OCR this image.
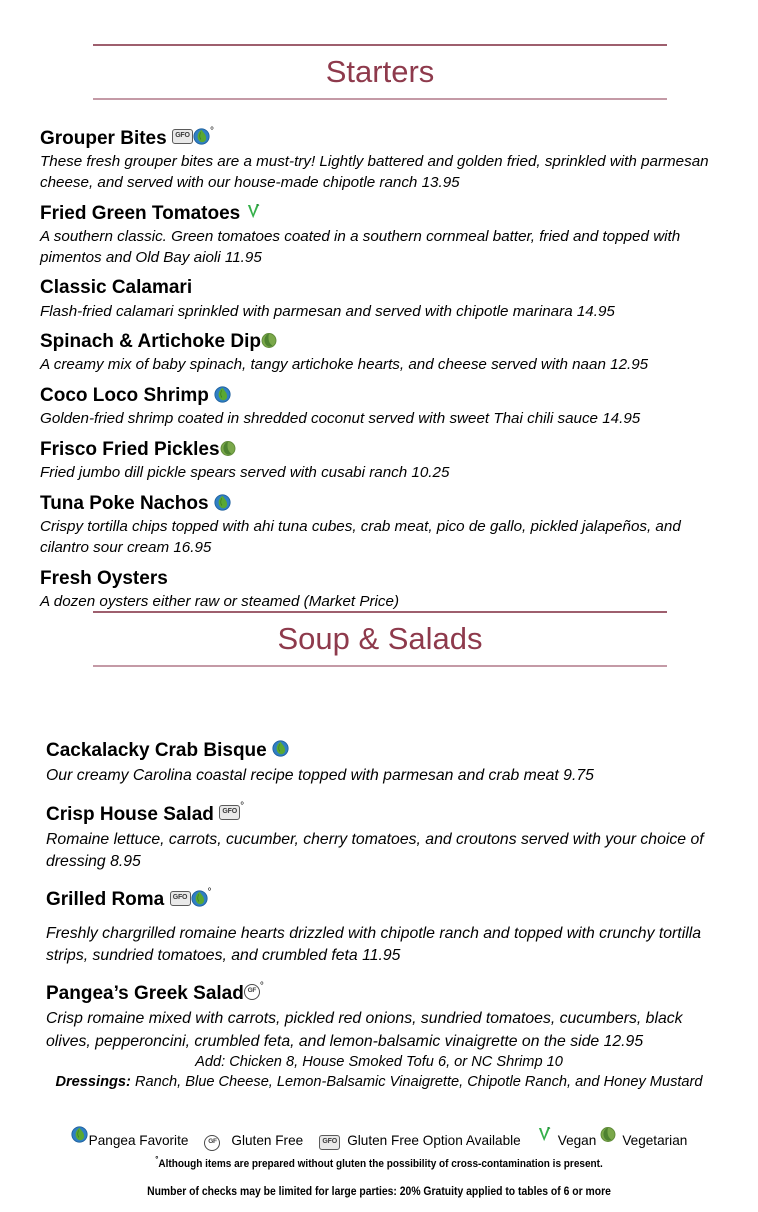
Starters
Grouper Bites GFO °
These fresh grouper bites are a must-try! Lightly battered and golden fried, sprinkled with parmesan cheese, and served with our house-made chipotle ranch 13.95
Fried Green Tomatoes
A southern classic. Green tomatoes coated in a southern cornmeal batter, fried and topped with pimentos and Old Bay aioli 11.95
Classic Calamari
Flash-fried calamari sprinkled with parmesan and served with chipotle marinara 14.95
Spinach & Artichoke Dip
A creamy mix of baby spinach, tangy artichoke hearts, and cheese served with naan 12.95
Coco Loco Shrimp
Golden-fried shrimp coated in shredded coconut served with sweet Thai chili sauce 14.95
Frisco Fried Pickles
Fried jumbo dill pickle spears served with cusabi ranch 10.25
Tuna Poke Nachos
Crispy tortilla chips topped with ahi tuna cubes, crab meat, pico de gallo, pickled jalapeños, and cilantro sour cream 16.95
Fresh Oysters
A dozen oysters either raw or steamed (Market Price)
Soup & Salads
Cackalacky Crab Bisque
Our creamy Carolina coastal recipe topped with parmesan and crab meat 9.75
Crisp House Salad GFO °
Romaine lettuce, carrots, cucumber, cherry tomatoes, and croutons served with your choice of dressing 8.95
Grilled Roma GFO °
Freshly chargrilled romaine hearts drizzled with chipotle ranch and topped with crunchy tortilla strips, sundried tomatoes, and crumbled feta 11.95
Pangea’s Greek Salad GF °
Crisp romaine mixed with carrots, pickled red onions, sundried tomatoes, cucumbers, black olives, pepperoncini, crumbled feta, and lemon-balsamic vinaigrette on the side 12.95
Add: Chicken 8, House Smoked Tofu 6, or NC Shrimp 10
Dressings: Ranch, Blue Cheese, Lemon-Balsamic Vinaigrette, Chipotle Ranch, and Honey Mustard
Pangea Favorite	GF Gluten Free	GFO Gluten Free Option Available	Vegan Vegetarian
°Although items are prepared without gluten the possibility of cross-contamination is present.
Number of checks may be limited for large parties: 20% Gratuity applied to tables of 6 or more
